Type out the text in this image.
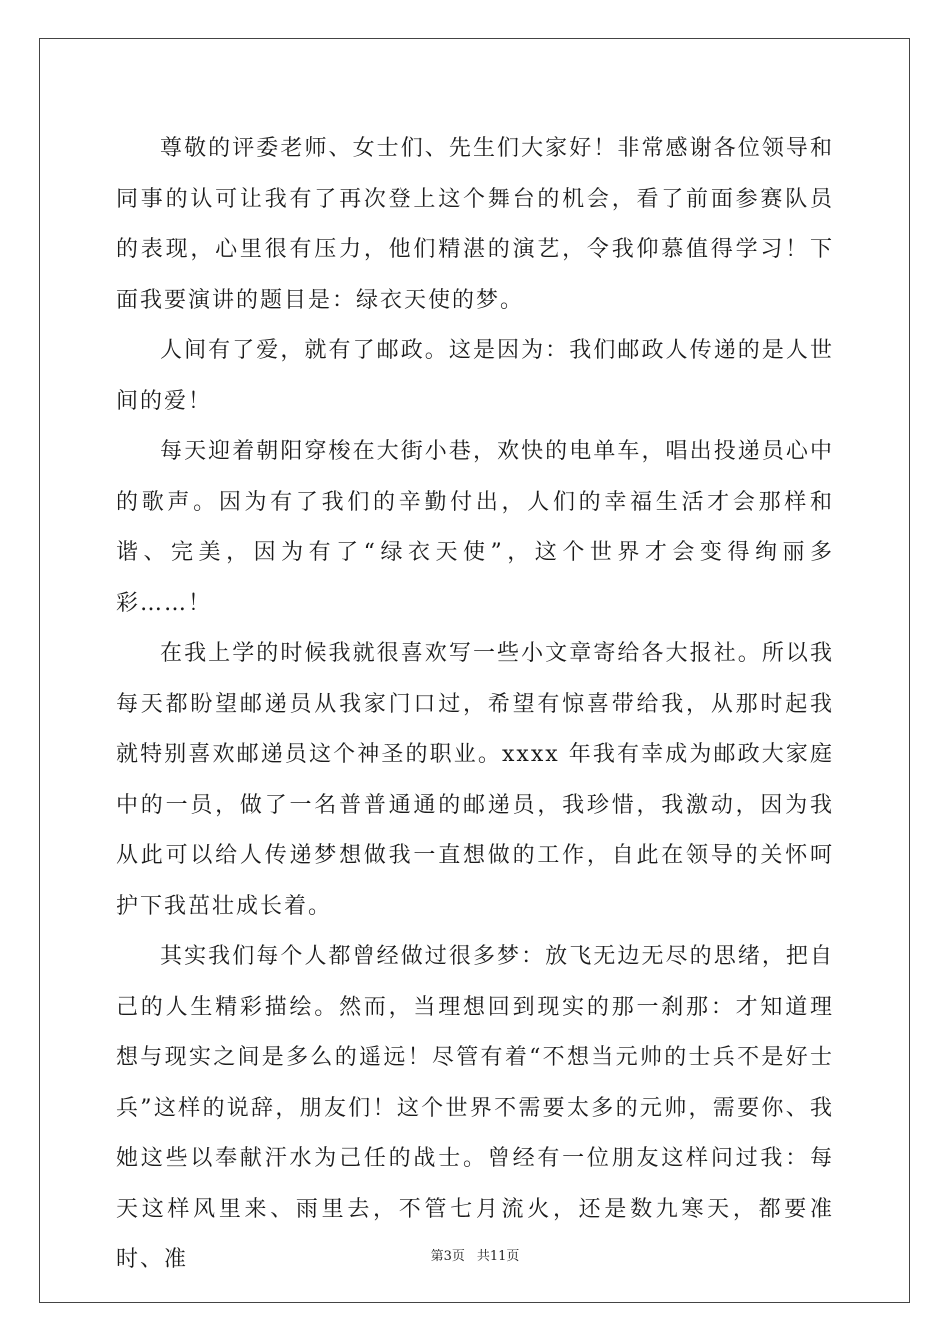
尊敬的评委老师、女士们、先生们大家好！非常感谢各位领导和同事的认可让我有了再次登上这个舞台的机会，看了前面参赛队员的表现，心里很有压力，他们精湛的演艺，令我仰慕值得学习！下面我要演讲的题目是：绿衣天使的梦。

人间有了爱，就有了邮政。这是因为：我们邮政人传递的是人世间的爱！

每天迎着朝阳穿梭在大街小巷，欢快的电单车，唱出投递员心中的歌声。因为有了我们的辛勤付出，人们的幸福生活才会那样和谐、完美，因为有了“绿衣天使”，这个世界才会变得绚丽多彩……！

在我上学的时候我就很喜欢写一些小文章寄给各大报社。所以我每天都盼望邮递员从我家门口过，希望有惊喜带给我，从那时起我就特别喜欢邮递员这个神圣的职业。xxxx 年我有幸成为邮政大家庭中的一员，做了一名普普通通的邮递员，我珍惜，我激动，因为我从此可以给人传递梦想做我一直想做的工作，自此在领导的关怀呵护下我茁壮成长着。

其实我们每个人都曾经做过很多梦：放飞无边无尽的思绪，把自己的人生精彩描绘。然而，当理想回到现实的那一刹那：才知道理想与现实之间是多么的遥远！尽管有着“不想当元帅的士兵不是好士兵”这样的说辞，朋友们！这个世界不需要太多的元帅，需要你、我她这些以奉献汗水为己任的战士。曾经有一位朋友这样问过我：每天这样风里来、雨里去，不管七月流火，还是数九寒天，都要准时、准	第3页 共11页
